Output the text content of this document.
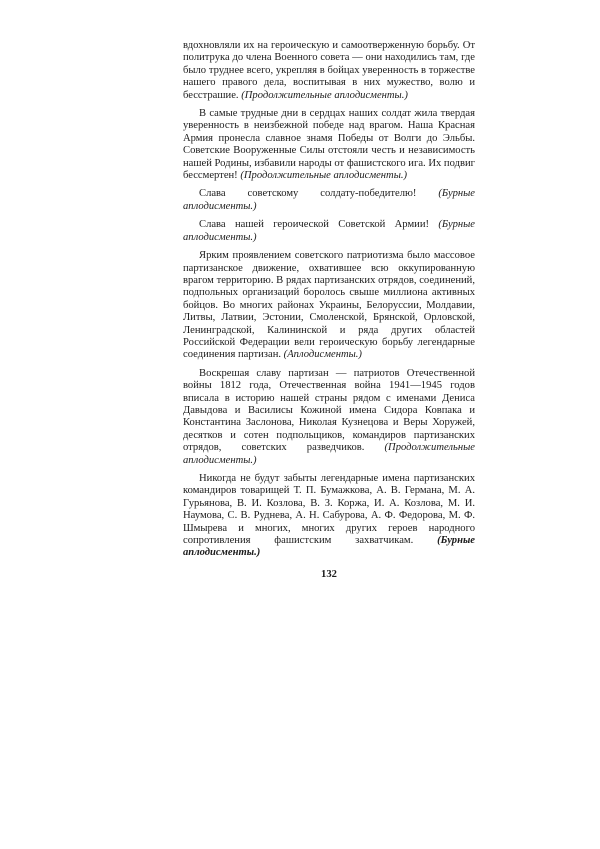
вдохновляли их на героическую и самоотверженную борьбу. От политрука до члена Военного совета — они находились там, где было труднее всего, укрепляя в бойцах уверенность в торжестве нашего правого дела, воспитывая в них мужество, волю и бесстрашие. (Продолжительные аплодисменты.)

В самые трудные дни в сердцах наших солдат жила твердая уверенность в неизбежной победе над врагом. Наша Красная Армия пронесла славное знамя Победы от Волги до Эльбы. Советские Вооруженные Силы отстояли честь и независимость нашей Родины, избавили народы от фашистского ига. Их подвиг бессмертен! (Продолжительные аплодисменты.)

Слава советскому солдату-победителю! (Бурные аплодисменты.)

Слава нашей героической Советской Армии! (Бурные аплодисменты.)

Ярким проявлением советского патриотизма было массовое партизанское движение, охватившее всю оккупированную врагом территорию. В рядах партизанских отрядов, соединений, подпольных организаций боролось свыше миллиона активных бойцов. Во многих районах Украины, Белоруссии, Молдавии, Литвы, Латвии, Эстонии, Смоленской, Брянской, Орловской, Ленинградской, Калининской и ряда других областей Российской Федерации вели героическую борьбу легендарные соединения партизан. (Аплодисменты.)

Воскрешая славу партизан — патриотов Отечественной войны 1812 года, Отечественная война 1941—1945 годов вписала в историю нашей страны рядом с именами Дениса Давыдова и Василисы Кожиной имена Сидора Ковпака и Константина Заслонова, Николая Кузнецова и Веры Хоружей, десятков и сотен подпольщиков, командиров партизанских отрядов, советских разведчиков. (Продолжительные аплодисменты.)

Никогда не будут забыты легендарные имена партизанских командиров товарищей Т. П. Бумажкова, А. В. Германа, М. А. Гурьянова, В. И. Козлова, В. З. Коржа, И. А. Козлова, М. И. Наумова, С. В. Руднева, А. Н. Сабурова, А. Ф. Федорова, М. Ф. Шмырева и многих, многих других героев народного сопротивления фашистским захватчикам. (Бурные аплодисменты.)

132
